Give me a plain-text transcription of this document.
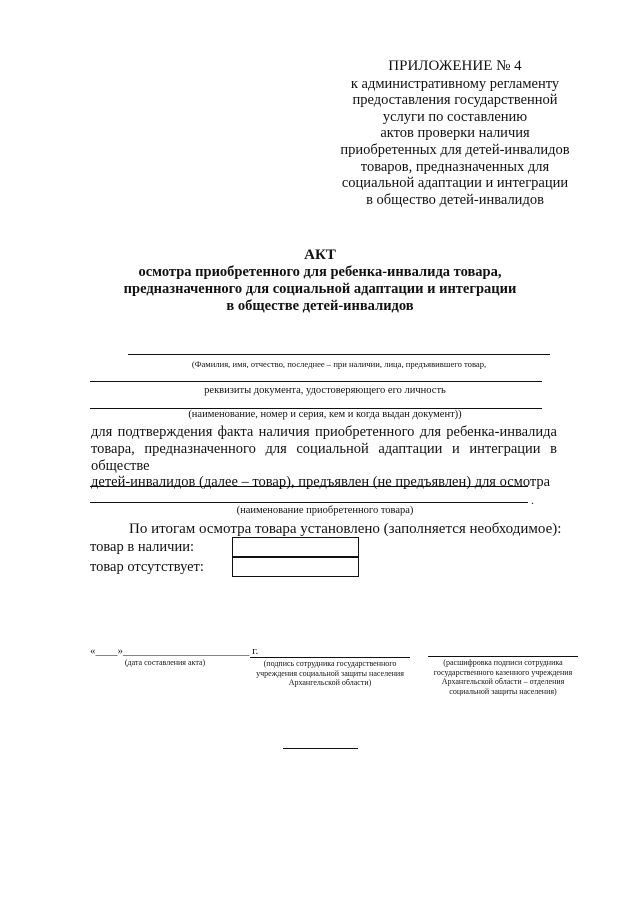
ПРИЛОЖЕНИЕ № 4
к административному регламенту
предоставления государственной
услуги по составлению
актов проверки наличия
приобретенных для детей-инвалидов
товаров, предназначенных для
социальной адаптации и интеграции
в общество детей-инвалидов
АКТ
осмотра приобретенного для ребенка-инвалида товара,
предназначенного для социальной адаптации и интеграции
в обществе детей-инвалидов
(Фамилия, имя, отчество, последнее – при наличии, лица, предъявившего товар,
реквизиты документа, удостоверяющего его личность
(наименование, номер и серия, кем и когда выдан документ))
для подтверждения факта наличия приобретенного для ребенка-инвалида
товара, предназначенного для социальной адаптации и интеграции в обществе
детей-инвалидов (далее – товар), предъявлен (не предъявлен) для осмотра
.
(наименование приобретенного товара)
По итогам осмотра товара установлено (заполняется необходимое):
товар в наличии:
товар отсутствует:
«____»_______________________ г.
(дата составления акта)	(подпись сотрудника государственного учреждения социальной защиты населения Архангельской области)
(расшифровка подписи сотрудника государственного казенного учреждения Архангельской области – отделения социальной защиты населения)
